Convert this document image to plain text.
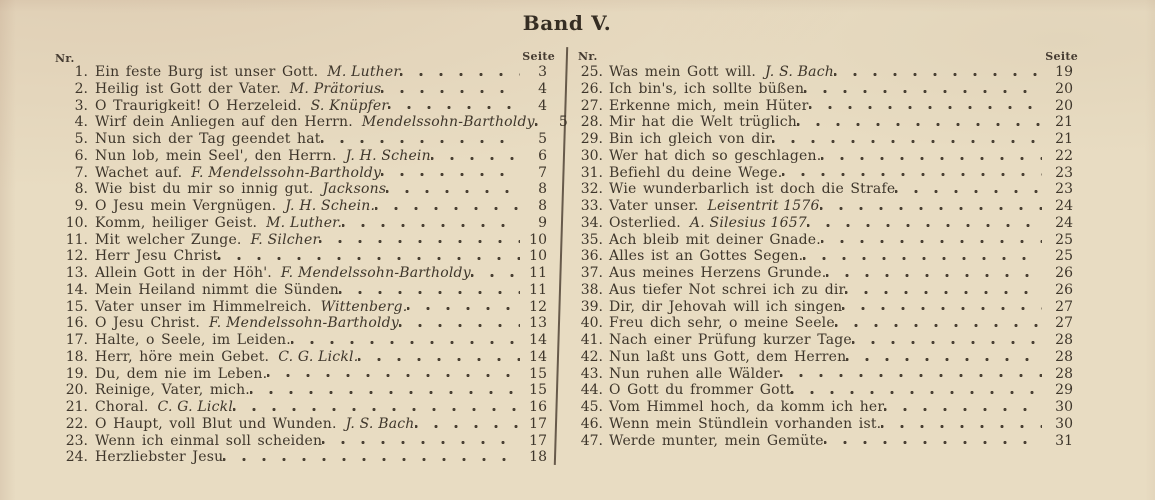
Band V.
Nr.	Seite
1. Ein feste Burg ist unser Gott. M. Luther	3
2. Heilig ist Gott der Vater. M. Prätorius	4
3. O Traurigkeit! O Herzeleid. S. Knüpfer	4
4. Wirf dein Anliegen auf den Herrn. Mendelssohn-Bartholdy	5
5. Nun sich der Tag geendet hat	5
6. Nun lob, mein Seel', den Herrn. J. H. Schein	6
7. Wachet auf. F. Mendelssohn-Bartholdy	7
8. Wie bist du mir so innig gut. Jacksons	8
9. O Jesu mein Vergnügen. J. H. Schein.	8
10. Komm, heiliger Geist. M. Luther.	9
11. Mit welcher Zunge. F. Silcher	10
12. Herr Jesu Christ	10
13. Allein Gott in der Höh'. F. Mendelssohn-Bartholdy	11
14. Mein Heiland nimmt die Sünden	11
15. Vater unser im Himmelreich. Wittenberg.	12
16. O Jesu Christ. F. Mendelssohn-Bartholdy	13
17. Halte, o Seele, im Leiden.	14
18. Herr, höre mein Gebet. C. G. Lickl.	14
19. Du, dem nie im Leben.	15
20. Reinige, Vater, mich.	15
21. Choral. C. G. Lickl	16
22. O Haupt, voll Blut und Wunden. J. S. Bach	17
23. Wenn ich einmal soll scheiden	17
24. Herzliebster Jesu	18
Nr.	Seite
25. Was mein Gott will. J. S. Bach	19
26. Ich bin's, ich sollte büßen	20
27. Erkenne mich, mein Hüter	20
28. Mir hat die Welt trüglich	21
29. Bin ich gleich von dir	21
30. Wer hat dich so geschlagen.	22
31. Befiehl du deine Wege.	23
32. Wie wunderbarlich ist doch die Strafe	23
33. Vater unser. Leisentrit 1576	24
34. Osterlied. A. Silesius 1657	24
35. Ach bleib mit deiner Gnade.	25
36. Alles ist an Gottes Segen.	25
37. Aus meines Herzens Grunde.	26
38. Aus tiefer Not schrei ich zu dir	26
39. Dir, dir Jehovah will ich singen	27
40. Freu dich sehr, o meine Seele	27
41. Nach einer Prüfung kurzer Tage	28
42. Nun laßt uns Gott, dem Herren	28
43. Nun ruhen alle Wälder	28
44. O Gott du frommer Gott	29
45. Vom Himmel hoch, da komm ich her	30
46. Wenn mein Stündlein vorhanden ist.	30
47. Werde munter, mein Gemüte	31
